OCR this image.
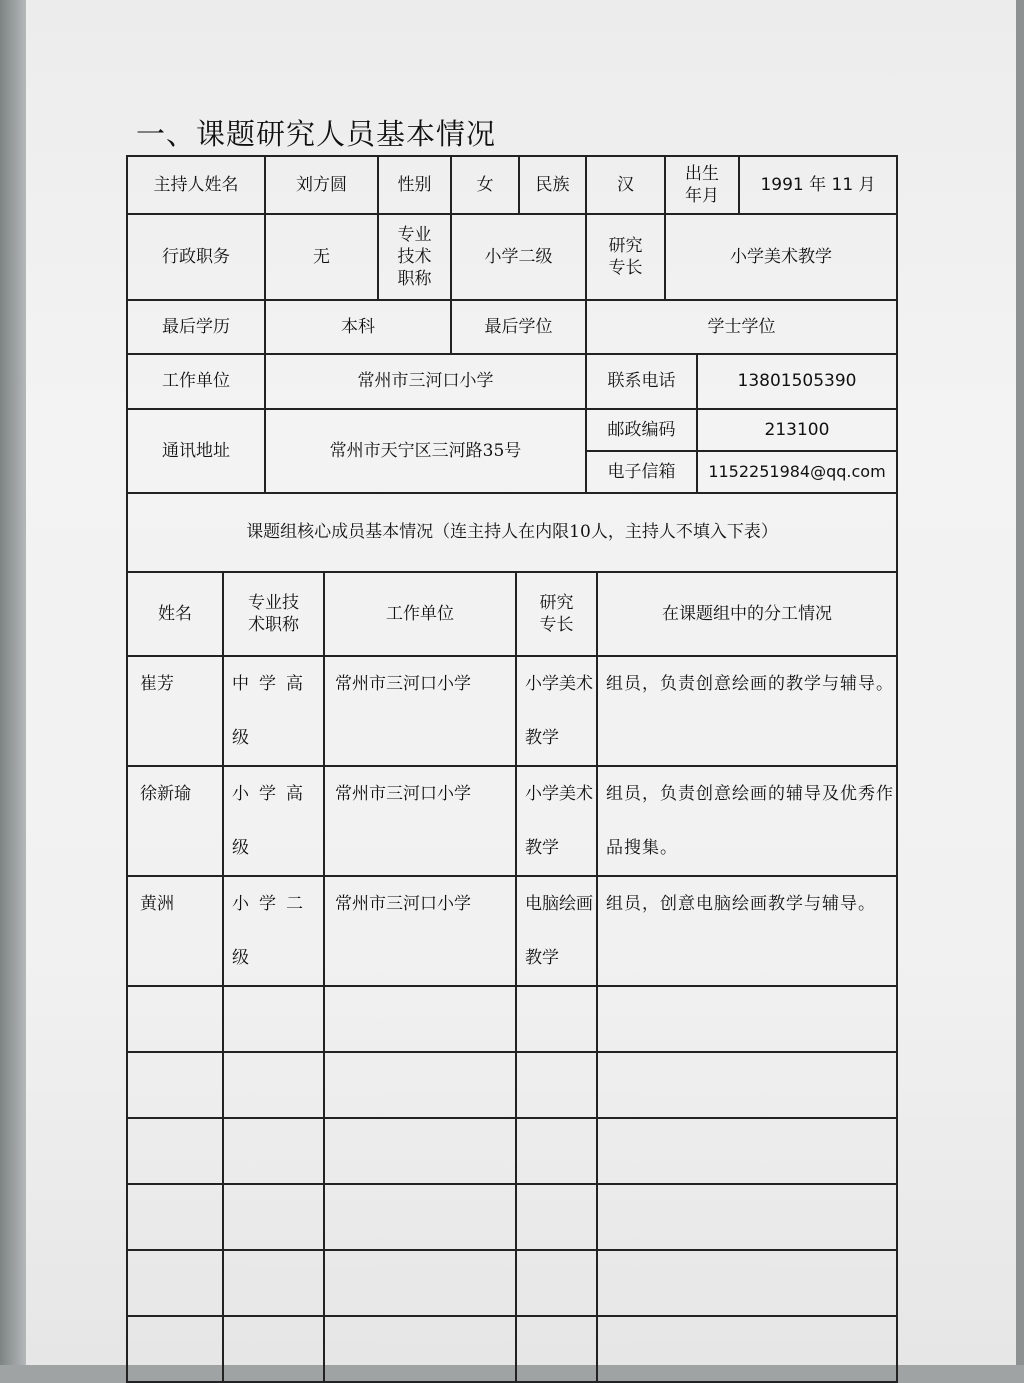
一、课题研究人员基本情况
主持人姓名	刘方圆	性别	女	民族	汉	出生年月		1991 年 11 月
行政职务	无	专业技术职称	小学二级		研究专长	小学美术教学		
最后学历	本科		最后学位		学士学位			
工作单位	常州市三河口小学				联系电话		13801505390	
通讯地址	常州市天宁区三河路35号				邮政编码		213100	
					电子信箱		1152251984@qq.com	
课题组核心成员基本情况（连主持人在内限10人，主持人不填入下表）								
姓名	专业技术职称	工作单位	研究专长	在课题组中的分工情况

崔芳	中学高级	常州市三河口小学	小学美术教学	组员，负责创意绘画的教学与辅导。

徐新瑜	小学高级	常州市三河口小学	小学美术教学	组员，负责创意绘画的辅导及优秀作品搜集。

黄洲	小学二级	常州市三河口小学	电脑绘画教学	组员，创意电脑绘画教学与辅导。
